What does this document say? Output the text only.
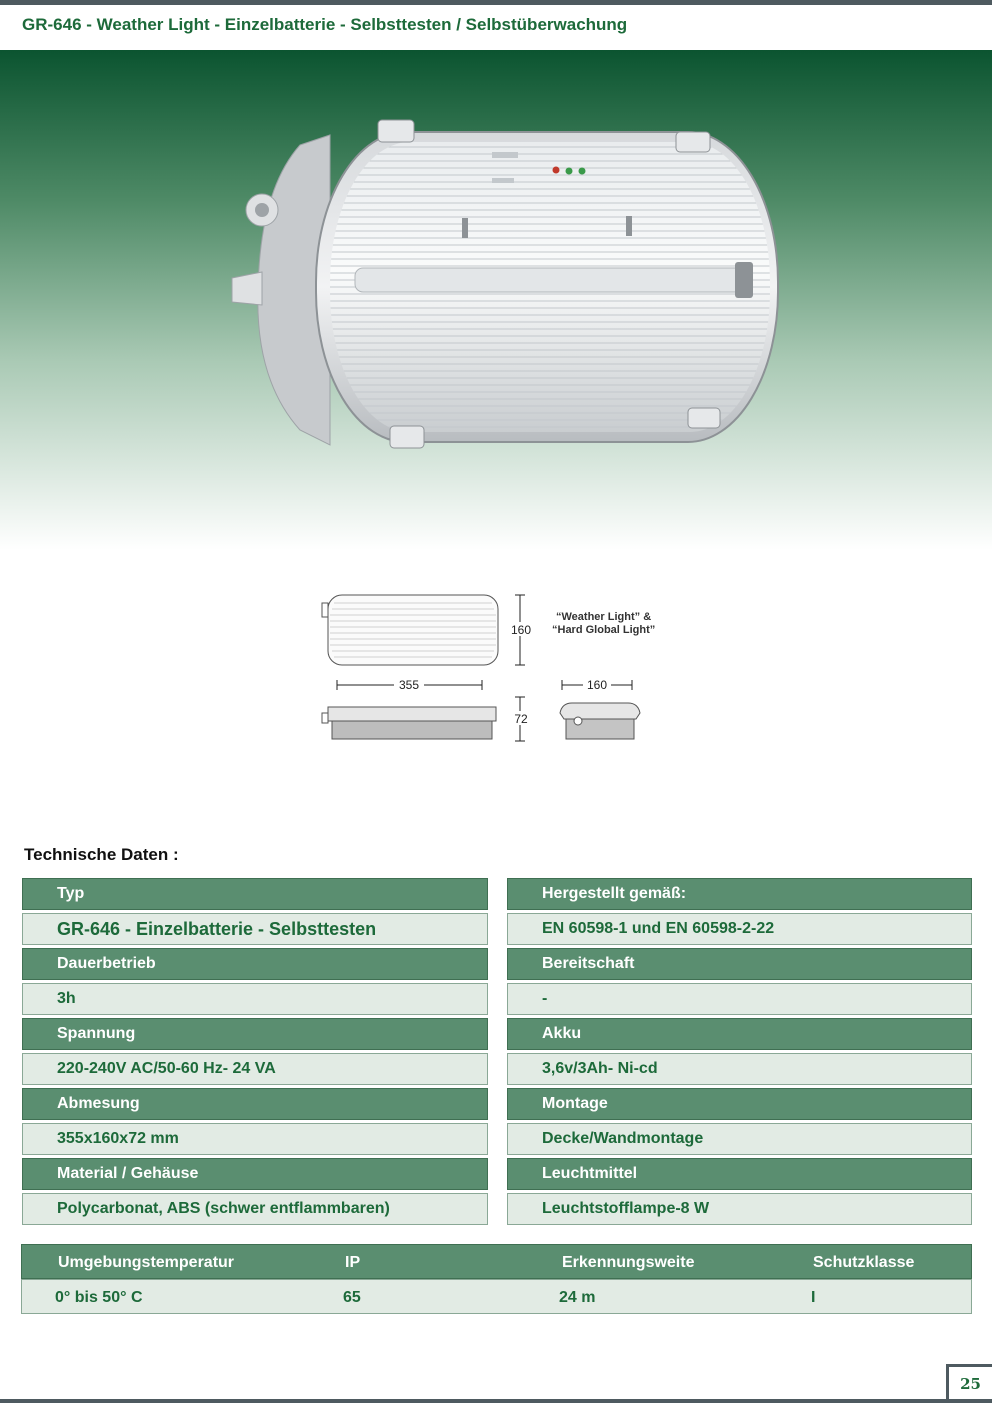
GR-646 - Weather Light - Einzelbatterie - Selbsttesten / Selbstüberwachung
160
“Weather Light” &
“Hard Global Light”
355
72
160
Technische Daten :
Typ
GR-646 - Einzelbatterie - Selbsttesten
Dauerbetrieb
3h
Spannung
220-240V AC/50-60 Hz- 24 VA
Abmesung
355x160x72 mm
Material / Gehäuse
Polycarbonat, ABS (schwer entflammbaren)
Hergestellt gemäß:
EN 60598-1 und EN 60598-2-22
Bereitschaft
-
Akku
3,6v/3Ah- Ni-cd
Montage
Decke/Wandmontage
Leuchtmittel
Leuchtstofflampe-8 W
Umgebungstemperatur	IP	Erkennungsweite	Schutzklasse
0° bis 50° C	65	24 m	I
25
